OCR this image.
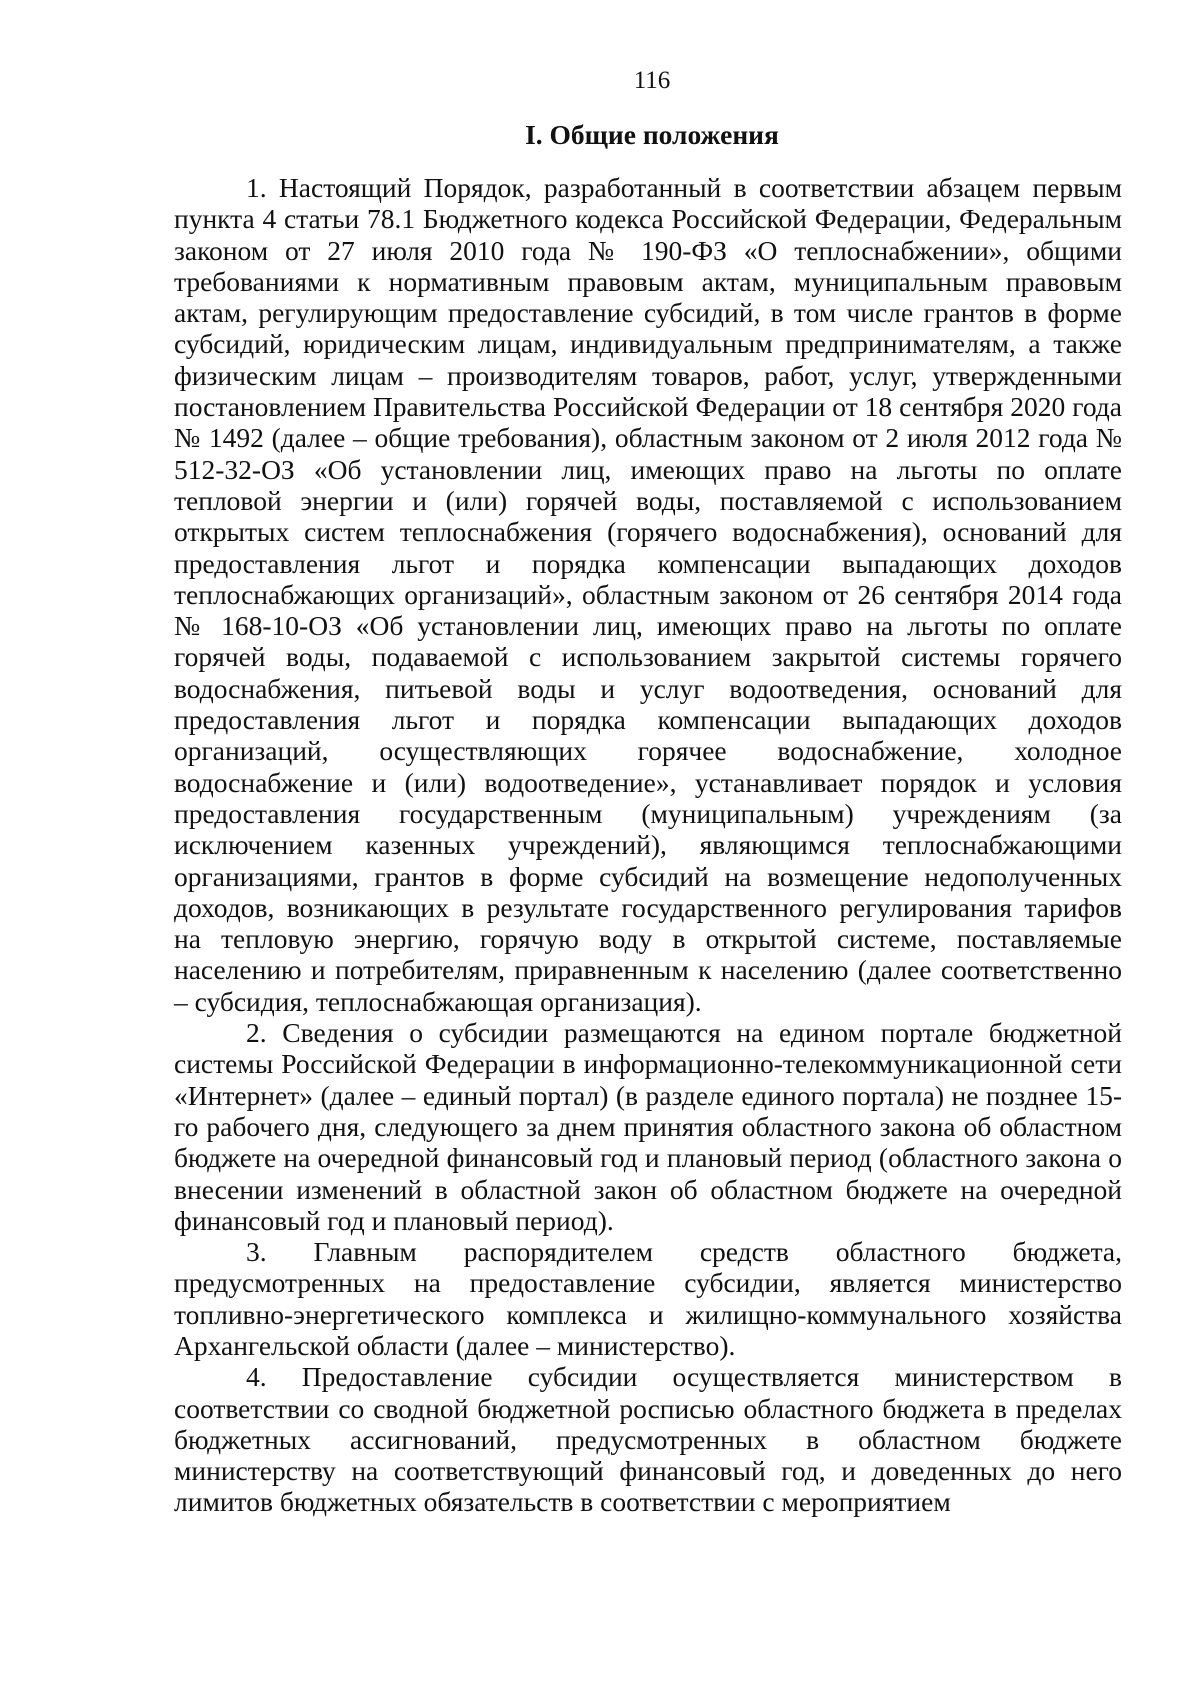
116
I. Общие положения

1. Настоящий Порядок, разработанный в соответствии абзацем первым пункта 4 статьи 78.1 Бюджетного кодекса Российской Федерации, Федеральным законом от 27 июля 2010 года № 190-ФЗ «О теплоснабжении», общими требованиями к нормативным правовым актам, муниципальным правовым актам, регулирующим предоставление субсидий, в том числе грантов в форме субсидий, юридическим лицам, индивидуальным предпринимателям, а также физическим лицам – производителям товаров, работ, услуг, утвержденными постановлением Правительства Российской Федерации от 18 сентября 2020 года № 1492 (далее – общие требования), областным законом от 2 июля 2012 года № 512-32-ОЗ «Об установлении лиц, имеющих право на льготы по оплате тепловой энергии и (или) горячей воды, поставляемой с использованием открытых систем теплоснабжения (горячего водоснабжения), оснований для предоставления льгот и порядка компенсации выпадающих доходов теплоснабжающих организаций», областным законом от 26 сентября 2014 года № 168-10-ОЗ «Об установлении лиц, имеющих право на льготы по оплате горячей воды, подаваемой с использованием закрытой системы горячего водоснабжения, питьевой воды и услуг водоотведения, оснований для предоставления льгот и порядка компенсации выпадающих доходов организаций, осуществляющих горячее водоснабжение, холодное водоснабжение и (или) водоотведение», устанавливает порядок и условия предоставления государственным (муниципальным) учреждениям (за исключением казенных учреждений), являющимся теплоснабжающими организациями, грантов в форме субсидий на возмещение недополученных доходов, возникающих в результате государственного регулирования тарифов на тепловую энергию, горячую воду в открытой системе, поставляемые населению и потребителям, приравненным к населению (далее соответственно – субсидия, теплоснабжающая организация).

2. Сведения о субсидии размещаются на едином портале бюджетной системы Российской Федерации в информационно-телекоммуникационной сети «Интернет» (далее – единый портал) (в разделе единого портала) не позднее 15-го рабочего дня, следующего за днем принятия областного закона об областном бюджете на очередной финансовый год и плановый период (областного закона о внесении изменений в областной закон об областном бюджете на очередной финансовый год и плановый период).

3. Главным распорядителем средств областного бюджета, предусмотренных на предоставление субсидии, является министерство топливно-энергетического комплекса и жилищно-коммунального хозяйства Архангельской области (далее – министерство).

4. Предоставление субсидии осуществляется министерством в соответствии со сводной бюджетной росписью областного бюджета в пределах бюджетных ассигнований, предусмотренных в областном бюджете министерству на соответствующий финансовый год, и доведенных до него лимитов бюджетных обязательств в соответствии с мероприятием
